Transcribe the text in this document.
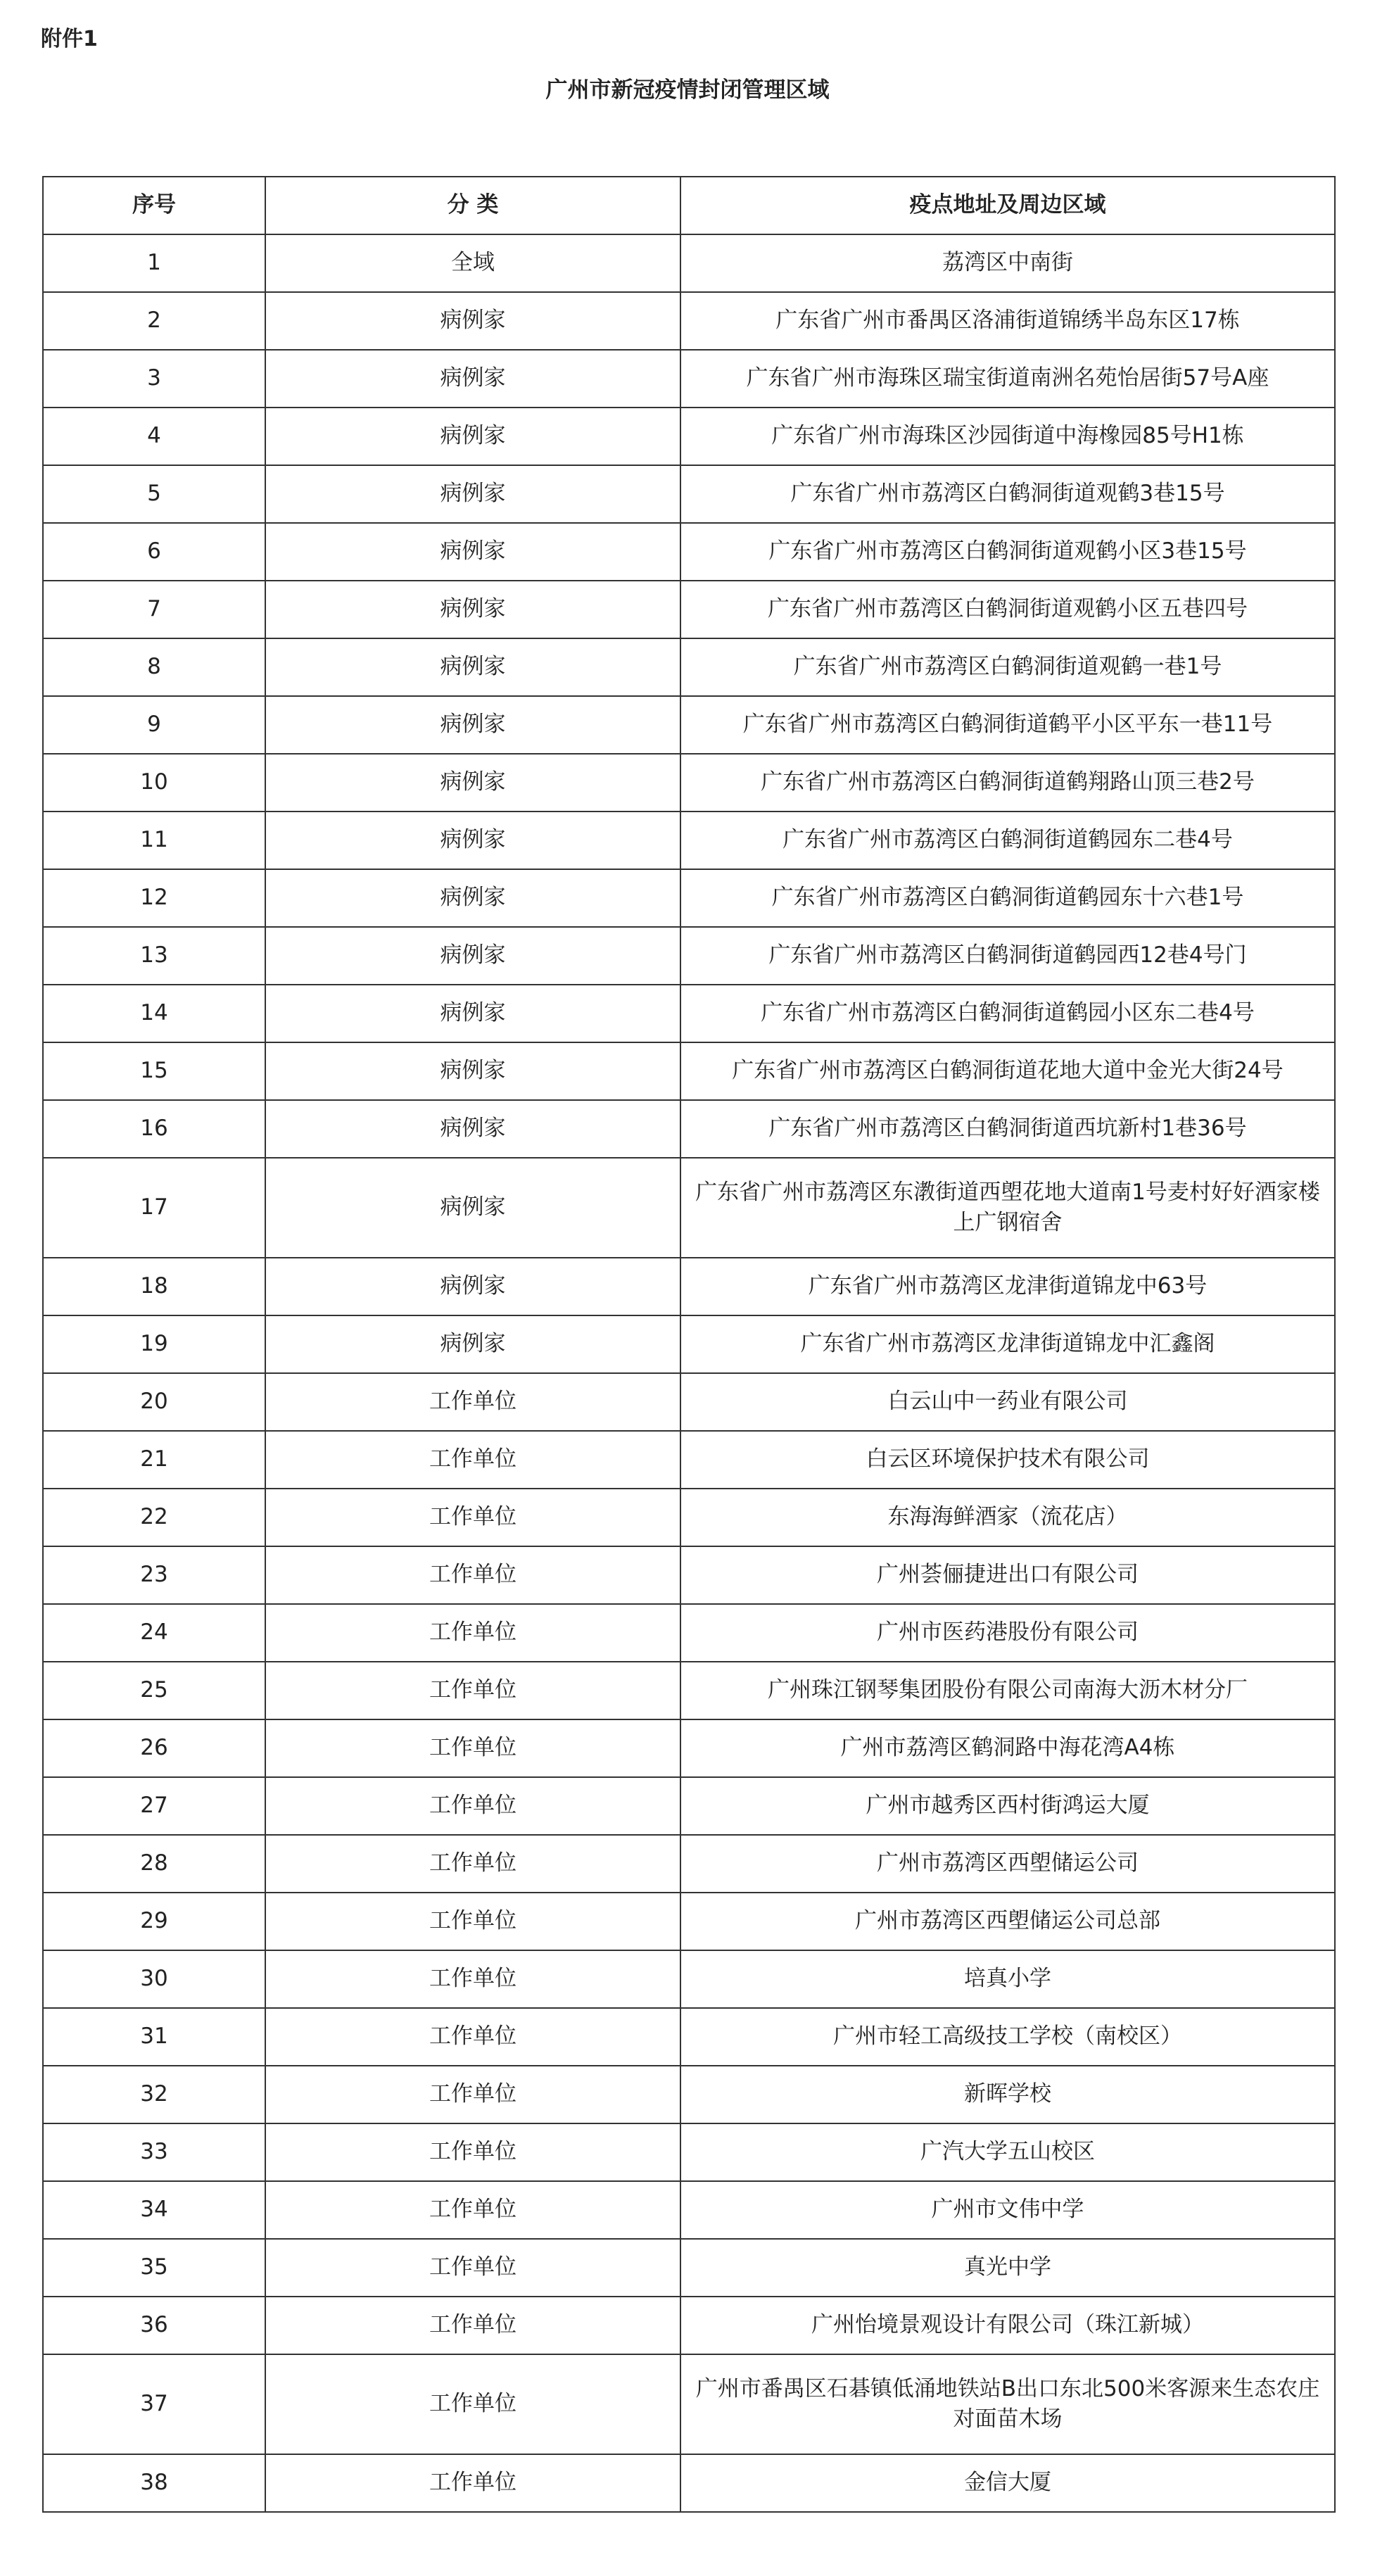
附件1
广州市新冠疫情封闭管理区域
序号	分 类	疫点地址及周边区域
1	全域	荔湾区中南街
2	病例家	广东省广州市番禺区洛浦街道锦绣半岛东区17栋
3	病例家	广东省广州市海珠区瑞宝街道南洲名苑怡居街57号A座
4	病例家	广东省广州市海珠区沙园街道中海橡园85号H1栋
5	病例家	广东省广州市荔湾区白鹤洞街道观鹤3巷15号
6	病例家	广东省广州市荔湾区白鹤洞街道观鹤小区3巷15号
7	病例家	广东省广州市荔湾区白鹤洞街道观鹤小区五巷四号
8	病例家	广东省广州市荔湾区白鹤洞街道观鹤一巷1号
9	病例家	广东省广州市荔湾区白鹤洞街道鹤平小区平东一巷11号
10	病例家	广东省广州市荔湾区白鹤洞街道鹤翔路山顶三巷2号
11	病例家	广东省广州市荔湾区白鹤洞街道鹤园东二巷4号
12	病例家	广东省广州市荔湾区白鹤洞街道鹤园东十六巷1号
13	病例家	广东省广州市荔湾区白鹤洞街道鹤园西12巷4号门
14	病例家	广东省广州市荔湾区白鹤洞街道鹤园小区东二巷4号
15	病例家	广东省广州市荔湾区白鹤洞街道花地大道中金光大街24号
16	病例家	广东省广州市荔湾区白鹤洞街道西坑新村1巷36号
17	病例家	广东省广州市荔湾区东漖街道西塱花地大道南1号麦村好好酒家楼上广钢宿舍
18	病例家	广东省广州市荔湾区龙津街道锦龙中63号
19	病例家	广东省广州市荔湾区龙津街道锦龙中汇鑫阁
20	工作单位	白云山中一药业有限公司
21	工作单位	白云区环境保护技术有限公司
22	工作单位	东海海鲜酒家（流花店）
23	工作单位	广州荟俪捷进出口有限公司
24	工作单位	广州市医药港股份有限公司
25	工作单位	广州珠江钢琴集团股份有限公司南海大沥木材分厂
26	工作单位	广州市荔湾区鹤洞路中海花湾A4栋
27	工作单位	广州市越秀区西村街鸿运大厦
28	工作单位	广州市荔湾区西塱储运公司
29	工作单位	广州市荔湾区西塱储运公司总部
30	工作单位	培真小学
31	工作单位	广州市轻工高级技工学校（南校区）
32	工作单位	新晖学校
33	工作单位	广汽大学五山校区
34	工作单位	广州市文伟中学
35	工作单位	真光中学
36	工作单位	广州怡境景观设计有限公司（珠江新城）
37	工作单位	广州市番禺区石碁镇低涌地铁站B出口东北500米客源来生态农庄对面苗木场
38	工作单位	金信大厦
